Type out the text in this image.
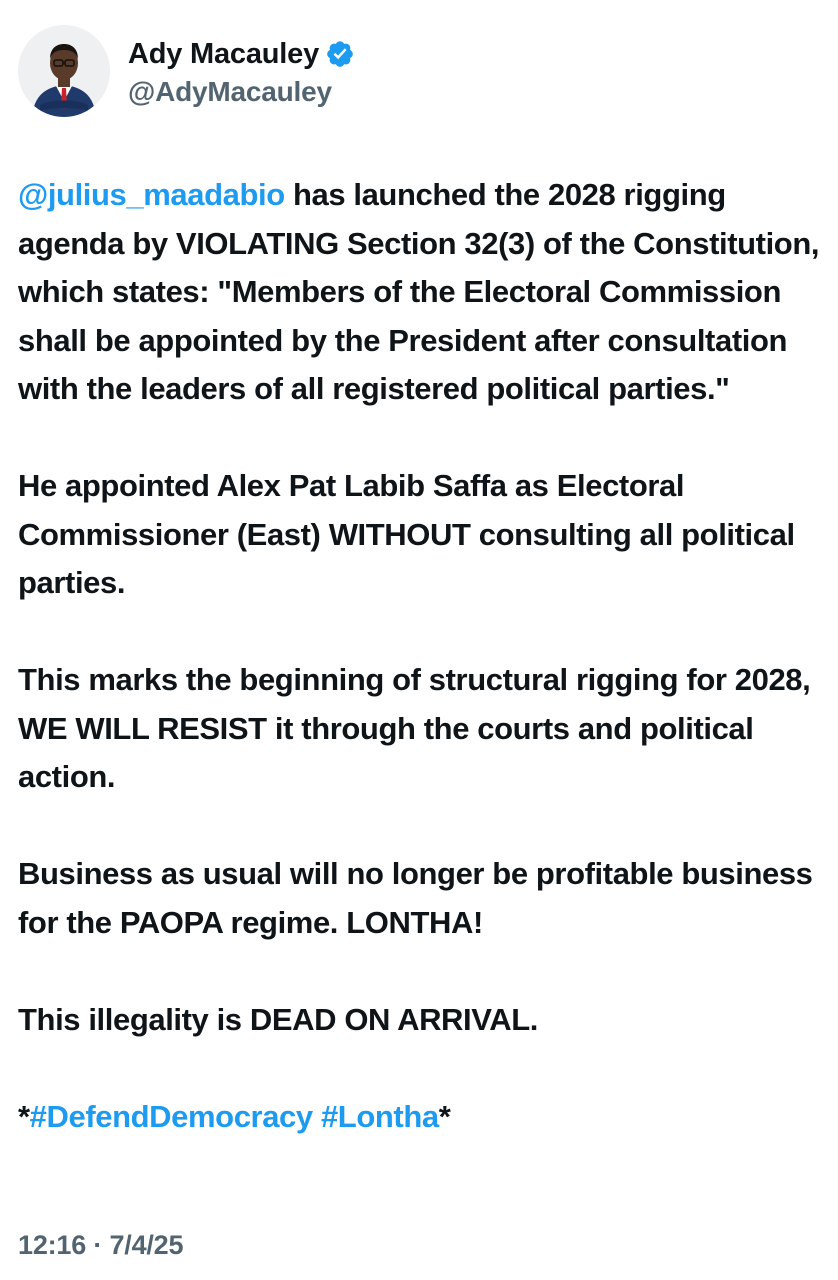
Ady Macauley
@AdyMacauley

@julius_maadabio has launched the 2028 rigging agenda by VIOLATING Section 32(3) of the Constitution, which states: "Members of the Electoral Commission shall be appointed by the President after consultation with the leaders of all registered political parties."

He appointed Alex Pat Labib Saffa as Electoral Commissioner (East) WITHOUT consulting all political parties.

This marks the beginning of structural rigging for 2028, WE WILL RESIST it through the courts and political action.

Business as usual will no longer be profitable business for the PAOPA regime. LONTHA!

This illegality is DEAD ON ARRIVAL.

*#DefendDemocracy #Lontha*

12:16 · 7/4/25
